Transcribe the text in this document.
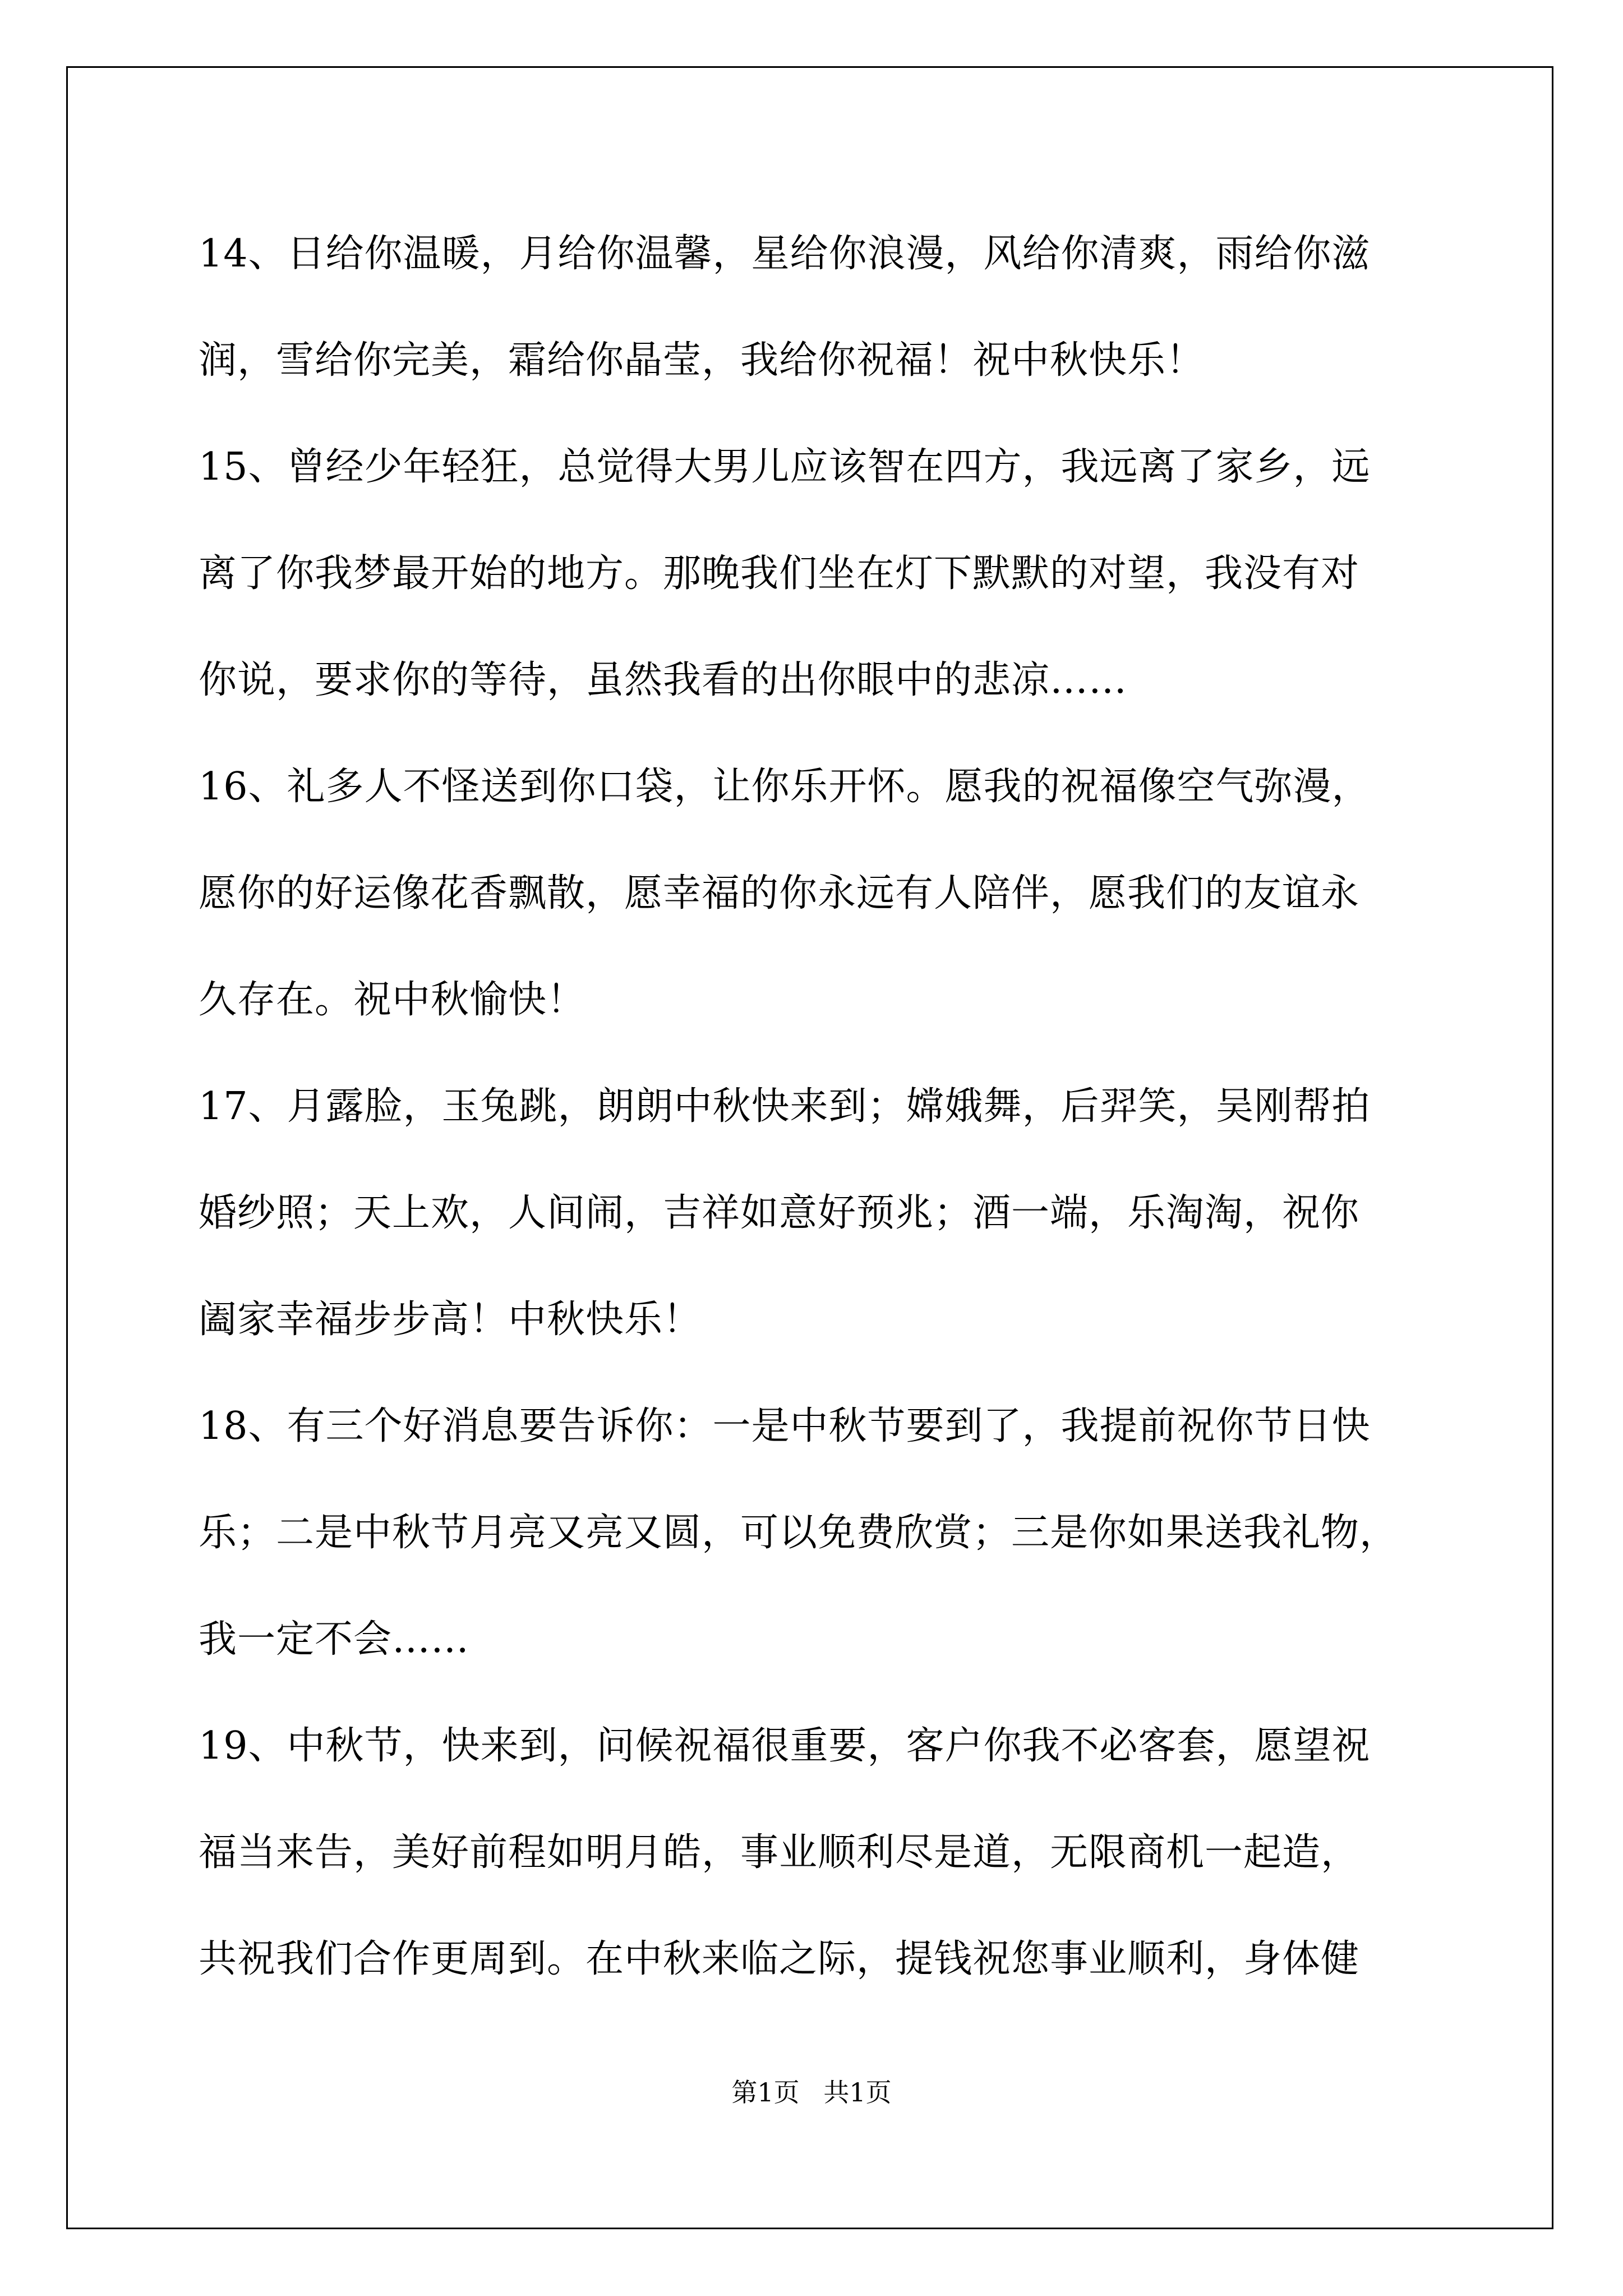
14、日给你温暖，月给你温馨，星给你浪漫，风给你清爽，雨给你滋
润，雪给你完美，霜给你晶莹，我给你祝福！祝中秋快乐！
15、曾经少年轻狂，总觉得大男儿应该智在四方，我远离了家乡，远
离了你我梦最开始的地方。那晚我们坐在灯下默默的对望，我没有对
你说，要求你的等待，虽然我看的出你眼中的悲凉……
16、礼多人不怪送到你口袋，让你乐开怀。愿我的祝福像空气弥漫，
愿你的好运像花香飘散，愿幸福的你永远有人陪伴，愿我们的友谊永
久存在。祝中秋愉快！
17、月露脸，玉兔跳，朗朗中秋快来到；嫦娥舞，后羿笑，吴刚帮拍
婚纱照；天上欢，人间闹，吉祥如意好预兆；酒一端，乐淘淘，祝你
阖家幸福步步高！中秋快乐！
18、有三个好消息要告诉你：一是中秋节要到了，我提前祝你节日快
乐；二是中秋节月亮又亮又圆，可以免费欣赏；三是你如果送我礼物，
我一定不会……
19、中秋节，快来到，问候祝福很重要，客户你我不必客套，愿望祝
福当来告，美好前程如明月皓，事业顺利尽是道，无限商机一起造，
共祝我们合作更周到。在中秋来临之际，提钱祝您事业顺利，身体健
第1页 共1页
